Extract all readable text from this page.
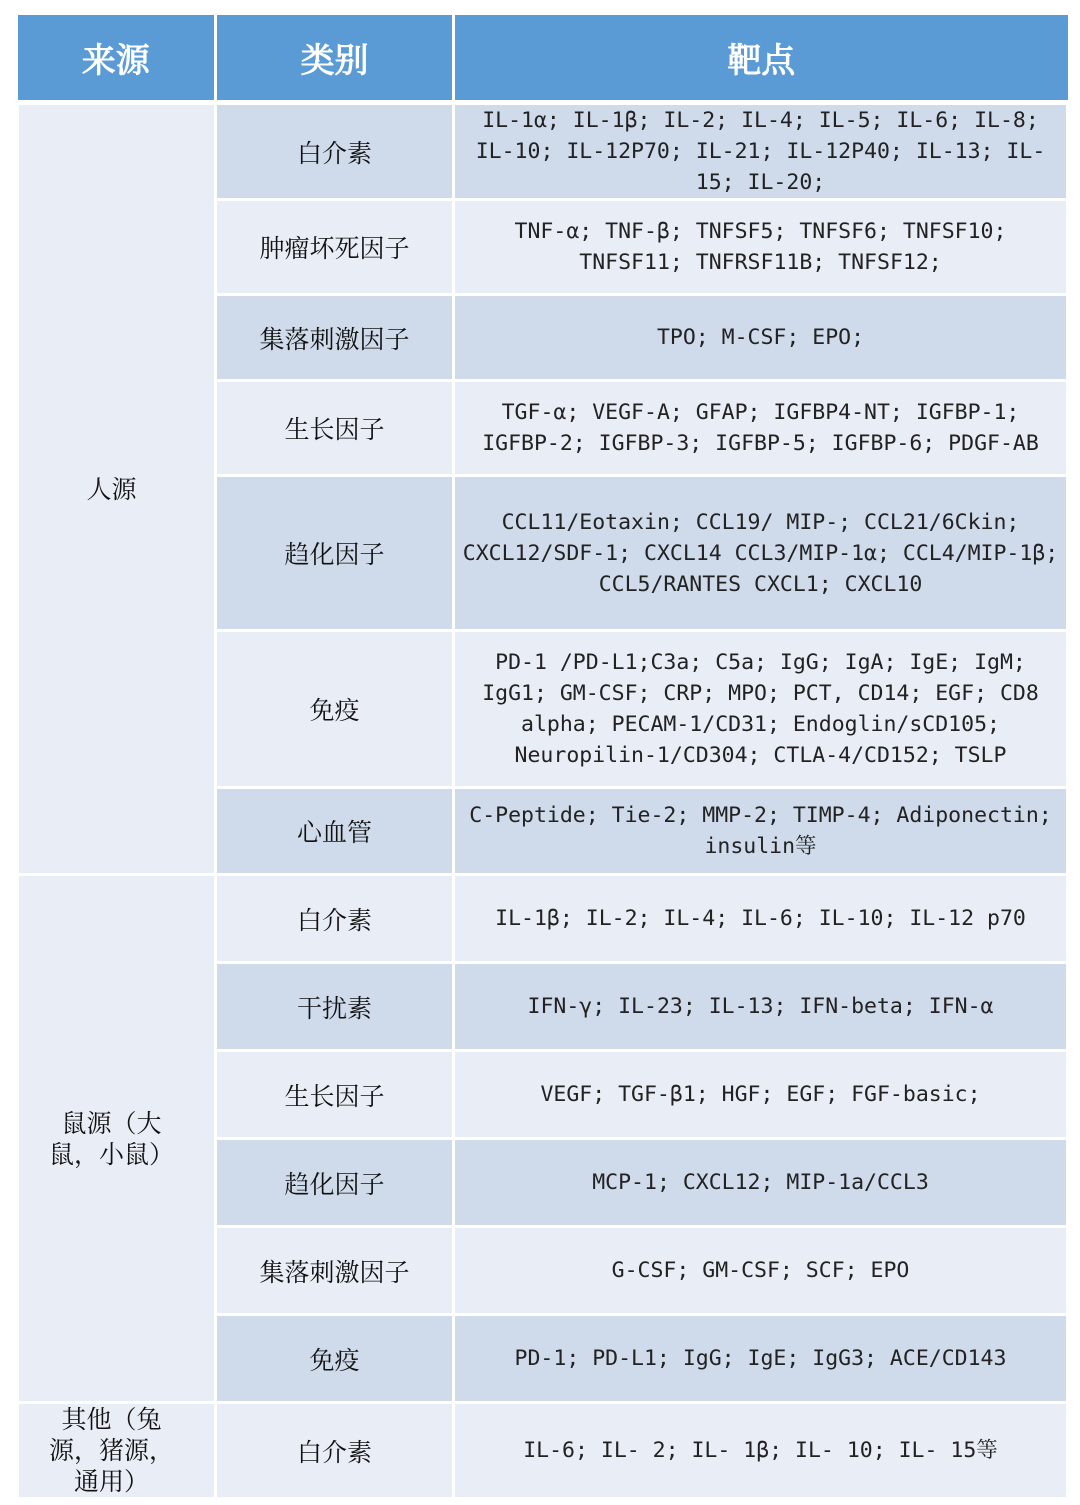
来源	类别	靶点
人源	白介素	IL-1α; IL-1β; IL-2; IL-4; IL-5; IL-6; IL-8; IL-10; IL-12P70; IL-21; IL-12P40; IL-13; IL-15; IL-20;
	肿瘤坏死因子	TNF-α; TNF-β; TNFSF5; TNFSF6; TNFSF10; TNFSF11; TNFRSF11B; TNFSF12;
	集落刺激因子	TPO; M-CSF; EPO;
	生长因子	TGF-α; VEGF-A; GFAP; IGFBP4-NT; IGFBP-1; IGFBP-2; IGFBP-3; IGFBP-5; IGFBP-6; PDGF-AB
	趋化因子	CCL11/Eotaxin; CCL19/ MIP-; CCL21/6Ckin; CXCL12/SDF-1; CXCL14 CCL3/MIP-1α; CCL4/MIP-1β; CCL5/RANTES CXCL1; CXCL10
	免疫	PD-1 /PD-L1;C3a; C5a; IgG; IgA; IgE; IgM; IgG1; GM-CSF; CRP; MPO; PCT, CD14; EGF; CD8 alpha; PECAM-1/CD31; Endoglin/sCD105; Neuropilin-1/CD304; CTLA-4/CD152; TSLP
	心血管	C-Peptide; Tie-2; MMP-2; TIMP-4; Adiponectin; insulin等
鼠源（大鼠，小鼠）	白介素	IL-1β; IL-2; IL-4; IL-6; IL-10; IL-12 p70
	干扰素	IFN-γ; IL-23; IL-13; IFN-beta; IFN-α
	生长因子	VEGF; TGF-β1; HGF; EGF; FGF-basic;
	趋化因子	MCP-1; CXCL12; MIP-1a/CCL3
	集落刺激因子	G-CSF; GM-CSF; SCF; EPO
	免疫	PD-1; PD-L1; IgG; IgE; IgG3; ACE/CD143
其他（兔源，猪源，通用）	白介素	IL-6; IL- 2; IL- 1β; IL- 10; IL- 15等
